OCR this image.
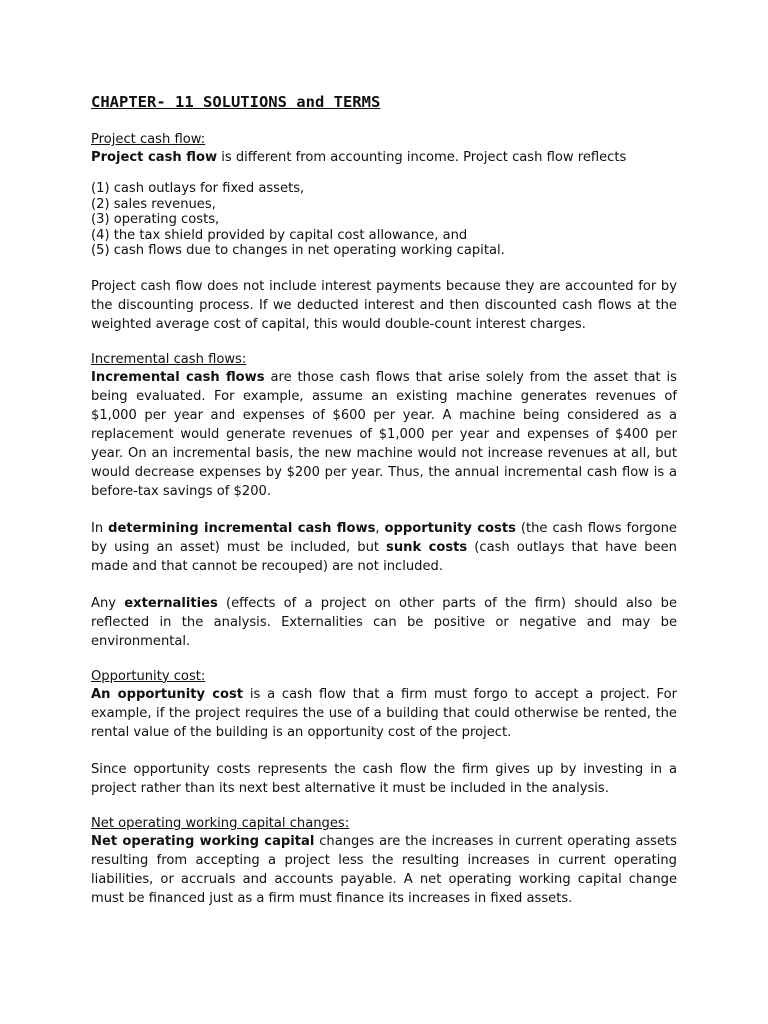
CHAPTER- 11 SOLUTIONS and TERMS

Project cash flow:

Project cash flow is different from accounting income. Project cash flow reflects

(1) cash outlays for fixed assets,

(2) sales revenues,

(3) operating costs,

(4) the tax shield provided by capital cost allowance, and

(5) cash flows due to changes in net operating working capital.

Project cash flow does not include interest payments because they are accounted for by the discounting process. If we deducted interest and then discounted cash flows at the weighted average cost of capital, this would double-count interest charges.

Incremental cash flows:

Incremental cash flows are those cash flows that arise solely from the asset that is being evaluated. For example, assume an existing machine generates revenues of $1,000 per year and expenses of $600 per year. A machine being considered as a replacement would generate revenues of $1,000 per year and expenses of $400 per year. On an incremental basis, the new machine would not increase revenues at all, but would decrease expenses by $200 per year. Thus, the annual incremental cash flow is a before-tax savings of $200.

In determining incremental cash flows, opportunity costs (the cash flows forgone by using an asset) must be included, but sunk costs (cash outlays that have been made and that cannot be recouped) are not included.

Any externalities (effects of a project on other parts of the firm) should also be reflected in the analysis. Externalities can be positive or negative and may be environmental.

Opportunity cost:

An opportunity cost is a cash flow that a firm must forgo to accept a project. For example, if the project requires the use of a building that could otherwise be rented, the rental value of the building is an opportunity cost of the project.

Since opportunity costs represents the cash flow the firm gives up by investing in a project rather than its next best alternative it must be included in the analysis.

Net operating working capital changes:

Net operating working capital changes are the increases in current operating assets resulting from accepting a project less the resulting increases in current operating liabilities, or accruals and accounts payable. A net operating working capital change must be financed just as a firm must finance its increases in fixed assets.
